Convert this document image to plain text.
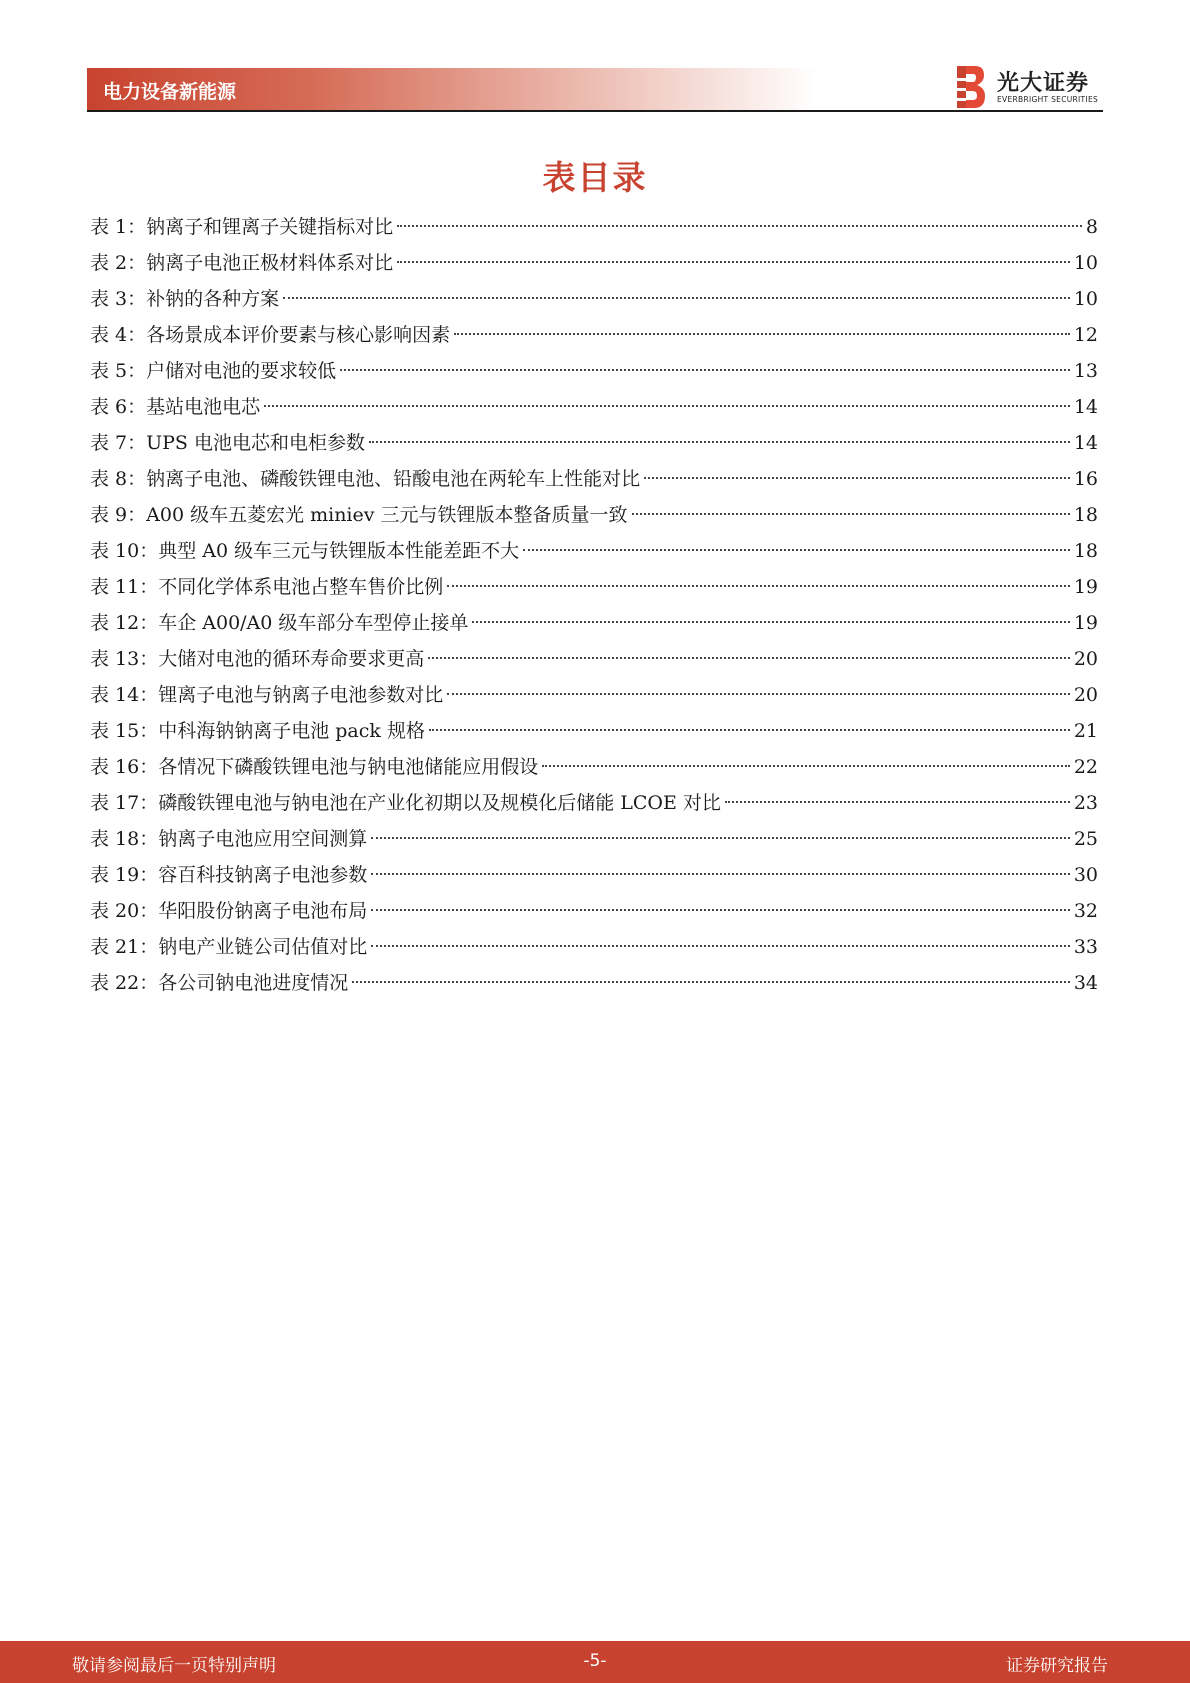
电力设备新能源	光大证券
EVERBRIGHT SECURITIES
表目录
表 1：钠离子和锂离子关键指标对比	8
表 2：钠离子电池正极材料体系对比	10
表 3：补钠的各种方案	10
表 4：各场景成本评价要素与核心影响因素	12
表 5：户储对电池的要求较低	13
表 6：基站电池电芯	14
表 7：UPS 电池电芯和电柜参数	14
表 8：钠离子电池、磷酸铁锂电池、铅酸电池在两轮车上性能对比	16
表 9：A00 级车五菱宏光 miniev 三元与铁锂版本整备质量一致	18
表 10：典型 A0 级车三元与铁锂版本性能差距不大	18
表 11：不同化学体系电池占整车售价比例	19
表 12：车企 A00/A0 级车部分车型停止接单	19
表 13：大储对电池的循环寿命要求更高	20
表 14：锂离子电池与钠离子电池参数对比	20
表 15：中科海钠钠离子电池 pack 规格	21
表 16：各情况下磷酸铁锂电池与钠电池储能应用假设	22
表 17：磷酸铁锂电池与钠电池在产业化初期以及规模化后储能 LCOE 对比	23
表 18：钠离子电池应用空间测算	25
表 19：容百科技钠离子电池参数	30
表 20：华阳股份钠离子电池布局	32
表 21：钠电产业链公司估值对比	33
表 22：各公司钠电池进度情况	34
敬请参阅最后一页特别声明	-5-	证券研究报告
